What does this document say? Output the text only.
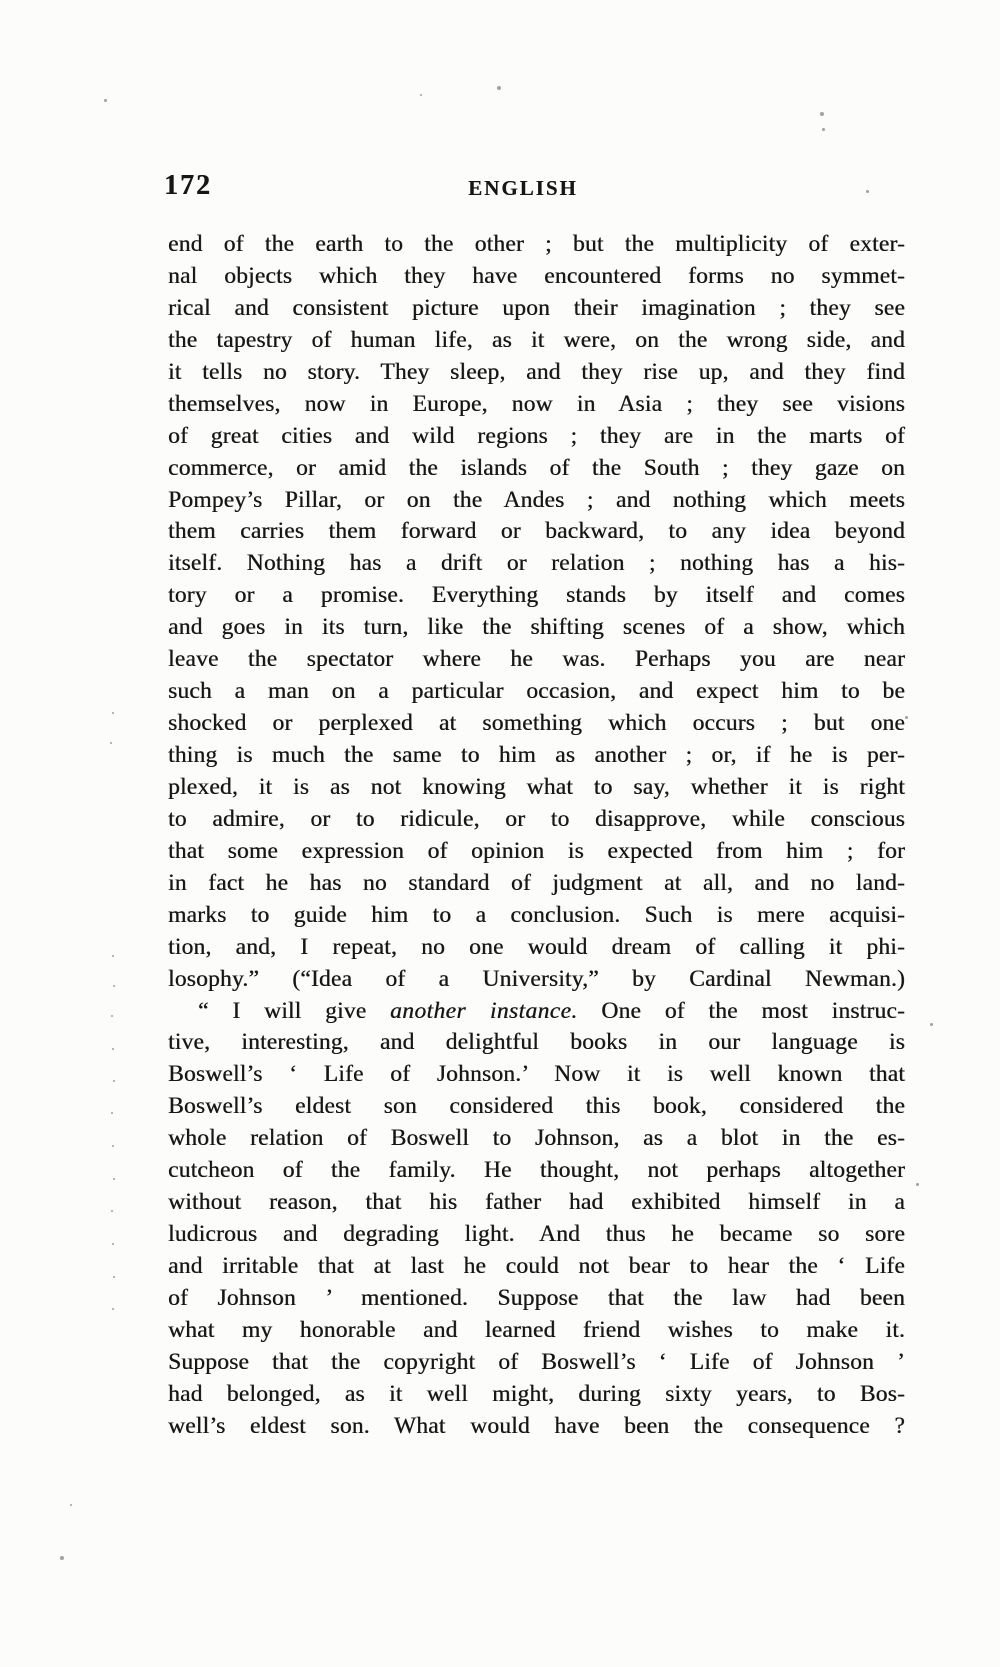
172	ENGLISH
end of the earth to the other ; but the multiplicity of exter-
nal objects which they have encountered forms no symmet-
rical and consistent picture upon their imagination ; they see
the tapestry of human life, as it were, on the wrong side, and
it tells no story. They sleep, and they rise up, and they find
themselves, now in Europe, now in Asia ; they see visions
of great cities and wild regions ; they are in the marts of
commerce, or amid the islands of the South ; they gaze on
Pompey’s Pillar, or on the Andes ; and nothing which meets
them carries them forward or backward, to any idea beyond
itself. Nothing has a drift or relation ; nothing has a his-
tory or a promise. Everything stands by itself and comes
and goes in its turn, like the shifting scenes of a show, which
leave the spectator where he was. Perhaps you are near
such a man on a particular occasion, and expect him to be
shocked or perplexed at something which occurs ; but one
thing is much the same to him as another ; or, if he is per-
plexed, it is as not knowing what to say, whether it is right
to admire, or to ridicule, or to disapprove, while conscious
that some expression of opinion is expected from him ; for
in fact he has no standard of judgment at all, and no land-
marks to guide him to a conclusion. Such is mere acquisi-
tion, and, I repeat, no one would dream of calling it phi-
losophy.” (“Idea of a University,” by Cardinal Newman.)
“ I will give another instance. One of the most instruc-
tive, interesting, and delightful books in our language is
Boswell’s ‘ Life of Johnson.’ Now it is well known that
Boswell’s eldest son considered this book, considered the
whole relation of Boswell to Johnson, as a blot in the es-
cutcheon of the family. He thought, not perhaps altogether
without reason, that his father had exhibited himself in a
ludicrous and degrading light. And thus he became so sore
and irritable that at last he could not bear to hear the ‘ Life
of Johnson ’ mentioned. Suppose that the law had been
what my honorable and learned friend wishes to make it.
Suppose that the copyright of Boswell’s ‘ Life of Johnson ’
had belonged, as it well might, during sixty years, to Bos-
well’s eldest son. What would have been the consequence ?
